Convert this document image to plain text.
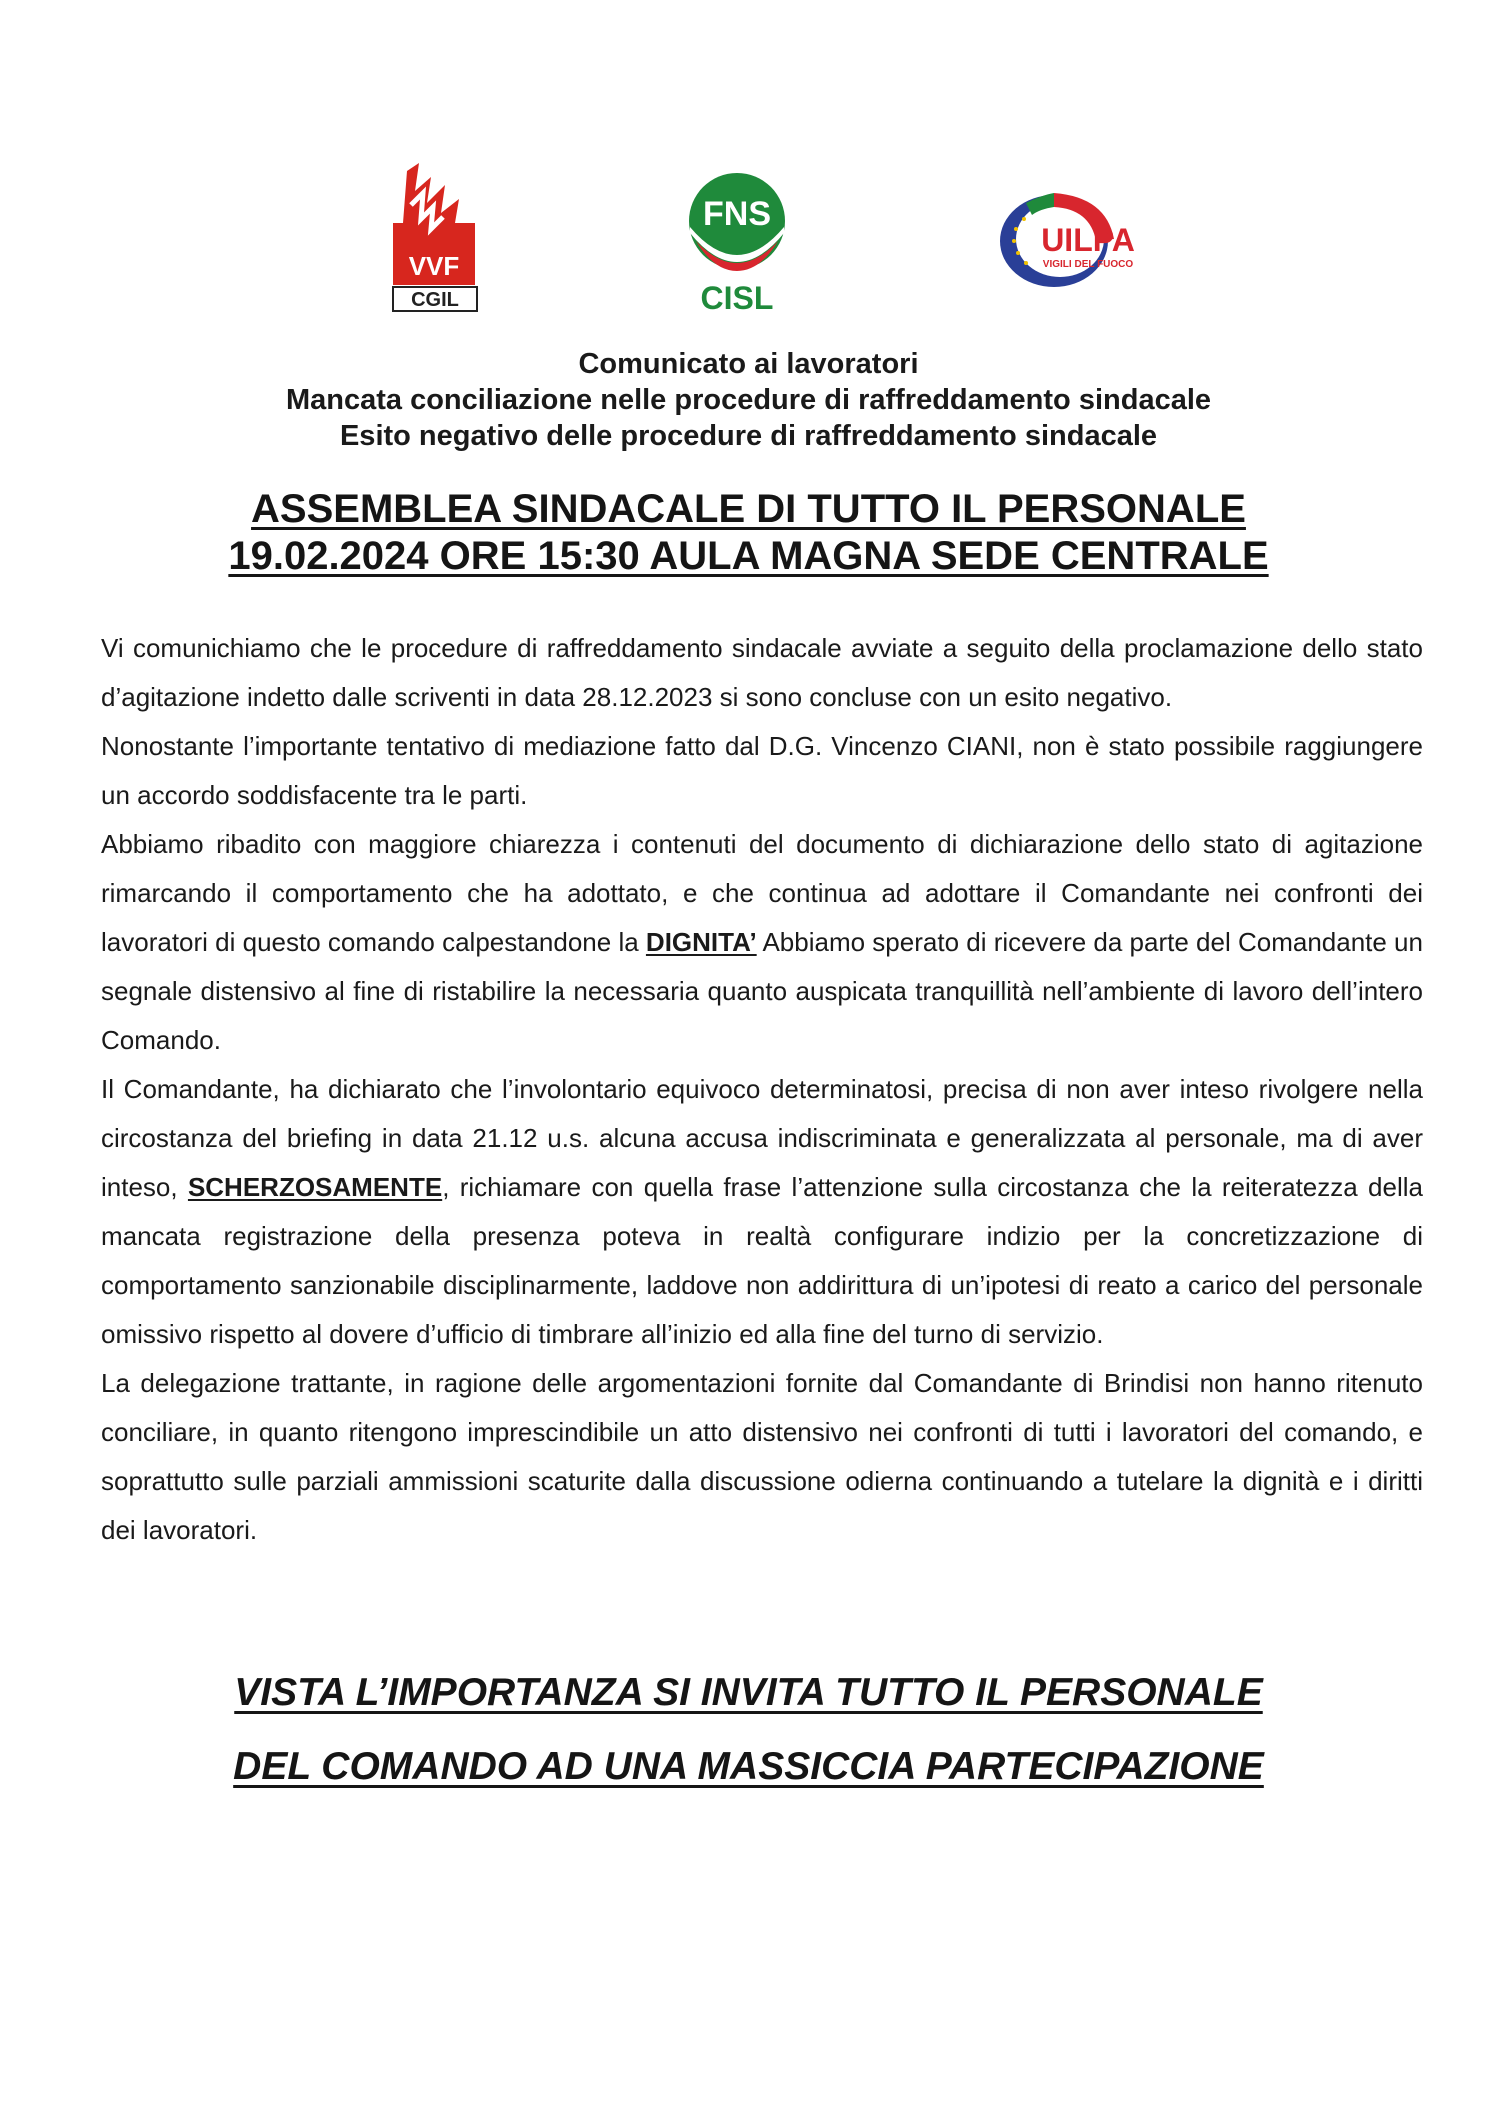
VVF
CGIL
FNS
CISL
UILPA
VIGILI DEL FUOCO
Comunicato ai lavoratori
Mancata conciliazione nelle procedure di raffreddamento sindacale
Esito negativo delle procedure di raffreddamento sindacale
ASSEMBLEA SINDACALE DI TUTTO IL PERSONALE
19.02.2024 ORE 15:30 AULA MAGNA SEDE CENTRALE

Vi comunichiamo che le procedure di raffreddamento sindacale avviate a seguito della proclamazione dello stato d’agitazione indetto dalle scriventi in data 28.12.2023 si sono concluse con un esito negativo.

Nonostante l’importante tentativo di mediazione fatto dal D.G. Vincenzo CIANI, non è stato possibile raggiungere un accordo soddisfacente tra le parti.

Abbiamo ribadito con maggiore chiarezza i contenuti del documento di dichiarazione dello stato di agitazione rimarcando il comportamento che ha adottato, e che continua ad adottare il Comandante nei confronti dei lavoratori di questo comando calpestandone la DIGNITA’ Abbiamo sperato di ricevere da parte del Comandante un segnale distensivo al fine di ristabilire la necessaria quanto auspicata tranquillità nell’ambiente di lavoro dell’intero Comando.

Il Comandante, ha dichiarato che l’involontario equivoco determinatosi, precisa di non aver inteso rivolgere nella circostanza del briefing in data 21.12 u.s. alcuna accusa indiscriminata e generalizzata al personale, ma di aver inteso, SCHERZOSAMENTE, richiamare con quella frase l’attenzione sulla circostanza che la reiteratezza della mancata registrazione della presenza poteva in realtà configurare indizio per la concretizzazione di comportamento sanzionabile disciplinarmente, laddove non addirittura di un’ipotesi di reato a carico del personale omissivo rispetto al dovere d’ufficio di timbrare all’inizio ed alla fine del turno di servizio.

La delegazione trattante, in ragione delle argomentazioni fornite dal Comandante di Brindisi non hanno ritenuto conciliare, in quanto ritengono imprescindibile un atto distensivo nei confronti di tutti i lavoratori del comando, e soprattutto sulle parziali ammissioni scaturite dalla discussione odierna continuando a tutelare la dignità e i diritti dei lavoratori.

VISTA L’IMPORTANZA SI INVITA TUTTO IL PERSONALE
DEL COMANDO AD UNA MASSICCIA PARTECIPAZIONE
